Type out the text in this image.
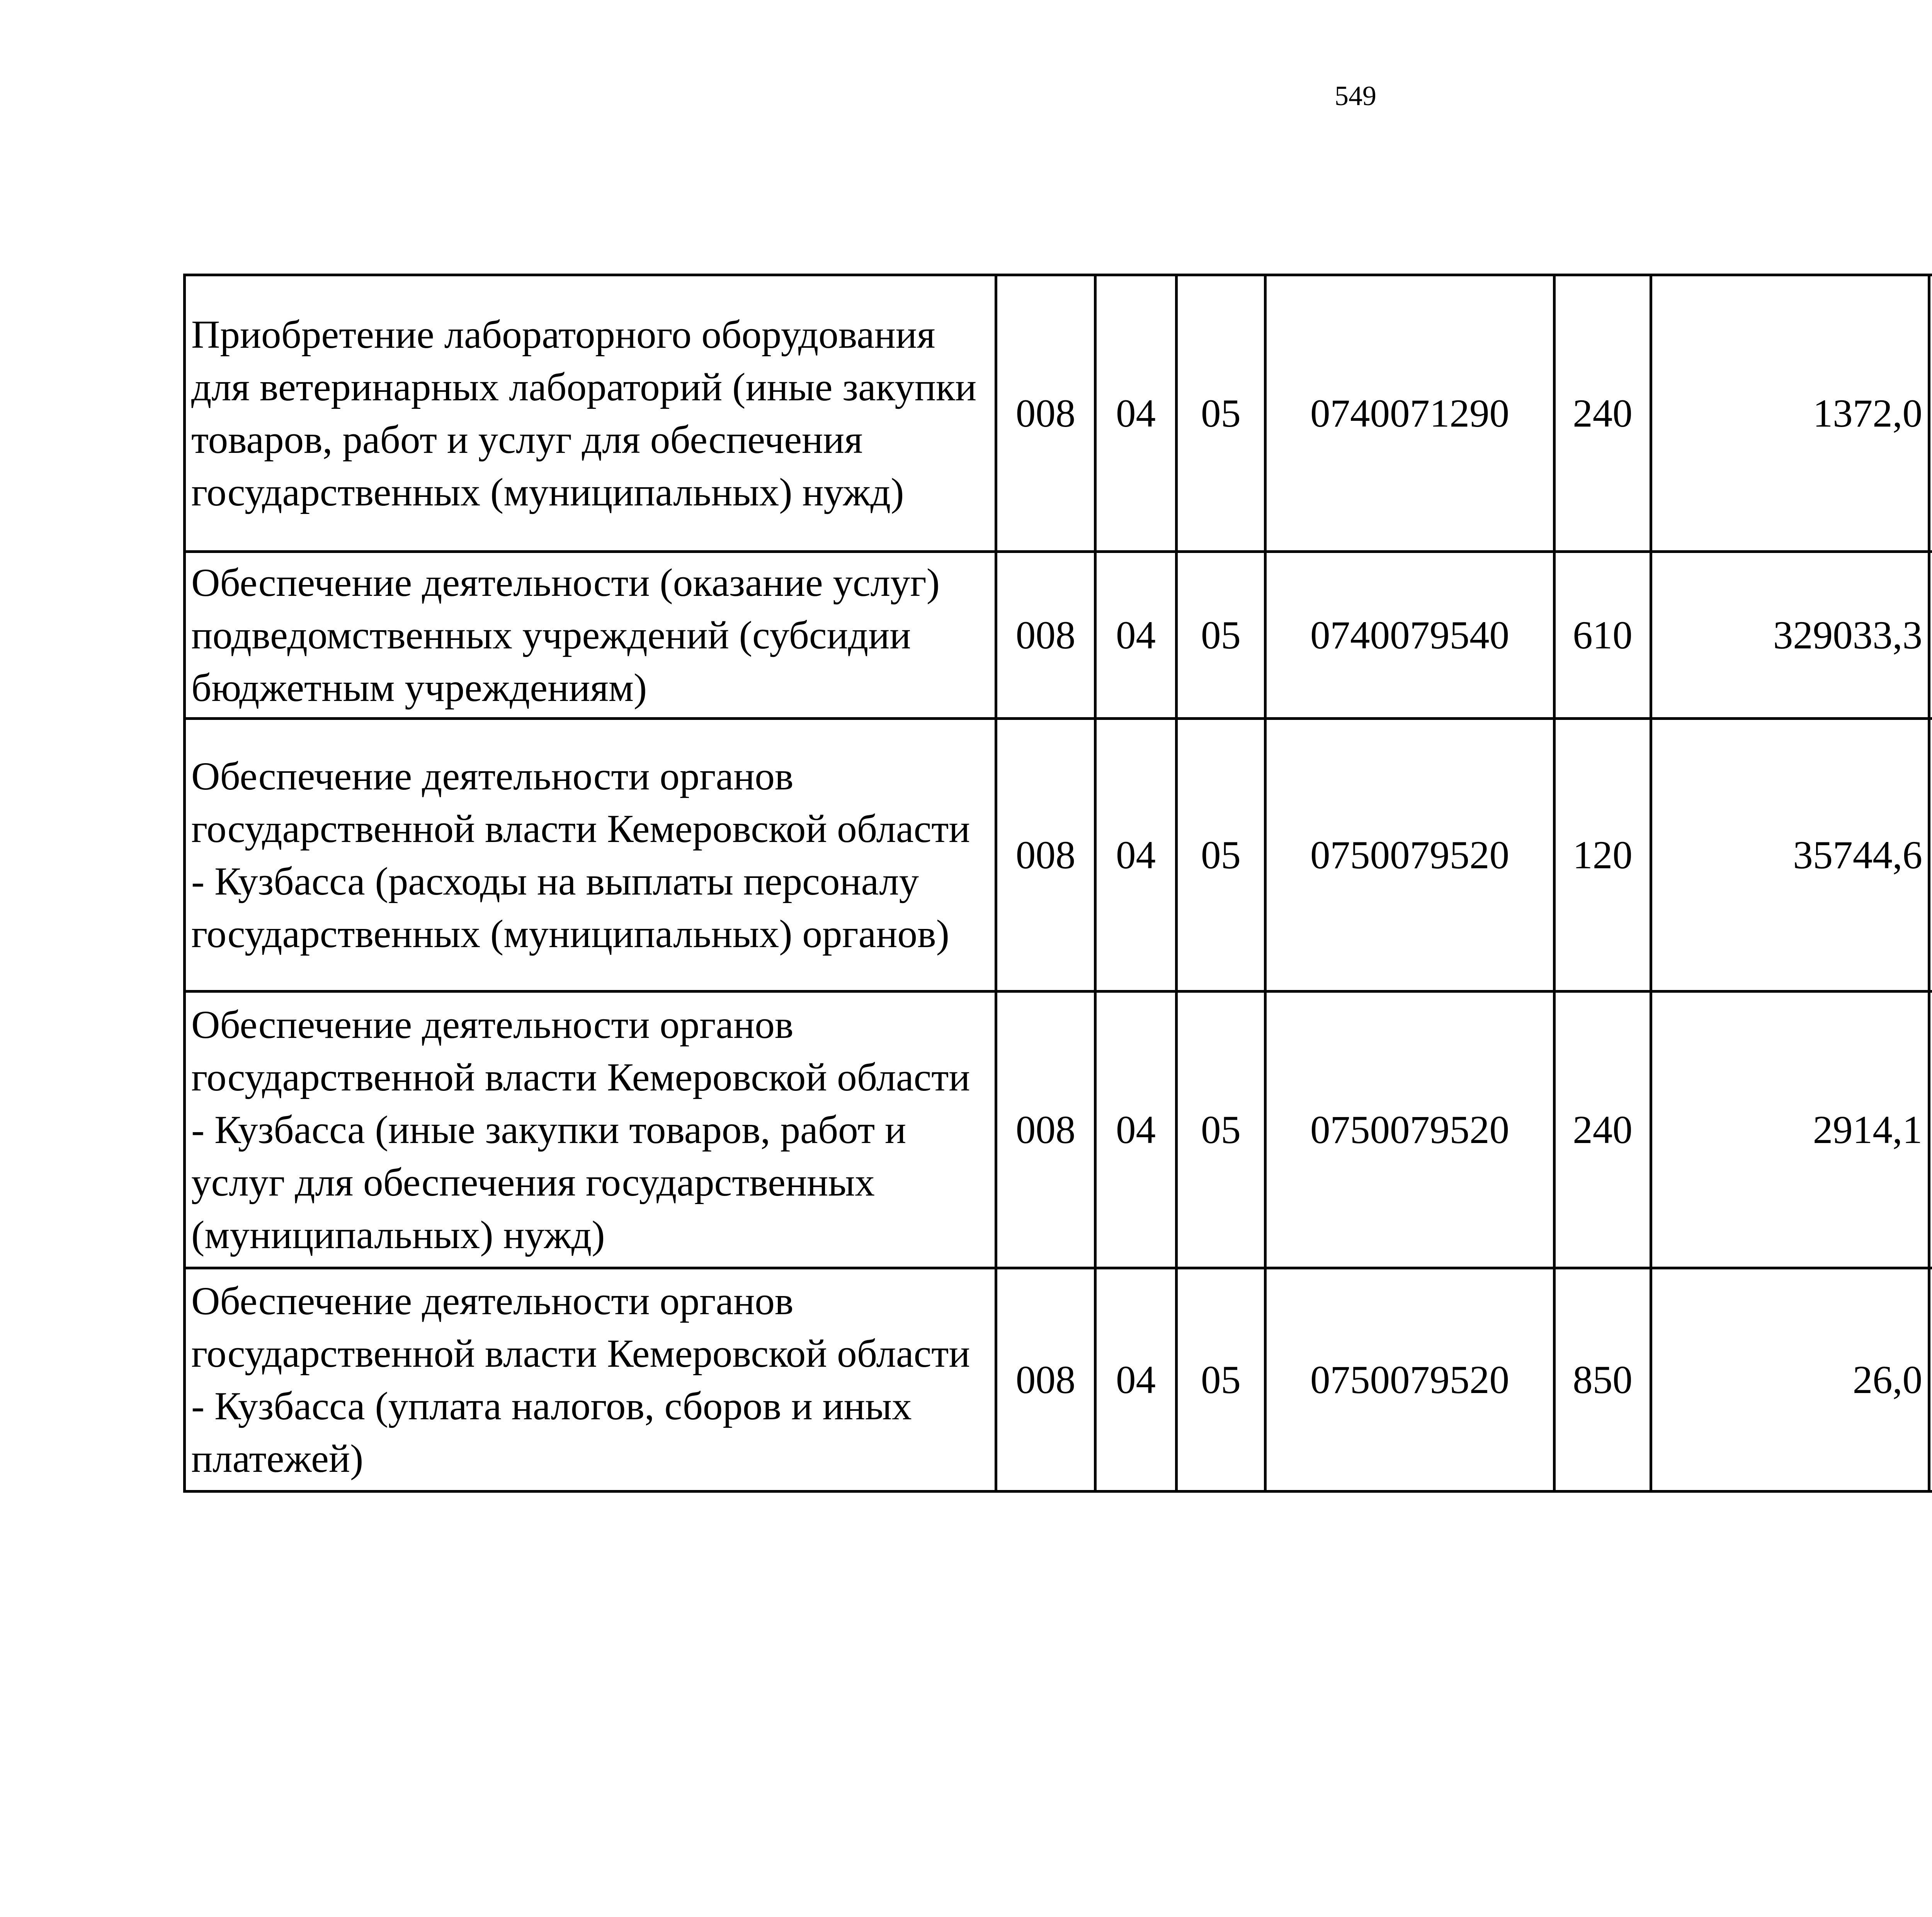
549
Приобретение лабораторного оборудования для ветеринарных лабораторий (иные закупки товаров, работ и услуг для обеспечения государственных (муниципальных) нужд)	008	04	05	0740071290	240	1372,0		
Обеспечение деятельности (оказание услуг) подведомственных учреждений (субсидии бюджетным учреждениям)	008	04	05	0740079540	610	329033,3		
Обеспечение деятельности органов государственной власти Кемеровской области - Кузбасса (расходы на выплаты персоналу государственных (муниципальных) органов)	008	04	05	0750079520	120	35744,6		
Обеспечение деятельности органов государственной власти Кемеровской области - Кузбасса (иные закупки товаров, работ и услуг для обеспечения государственных (муниципальных) нужд)	008	04	05	0750079520	240	2914,1		
Обеспечение деятельности органов государственной власти Кемеровской области - Кузбасса (уплата налогов, сборов и иных платежей)	008	04	05	0750079520	850	26,0		
